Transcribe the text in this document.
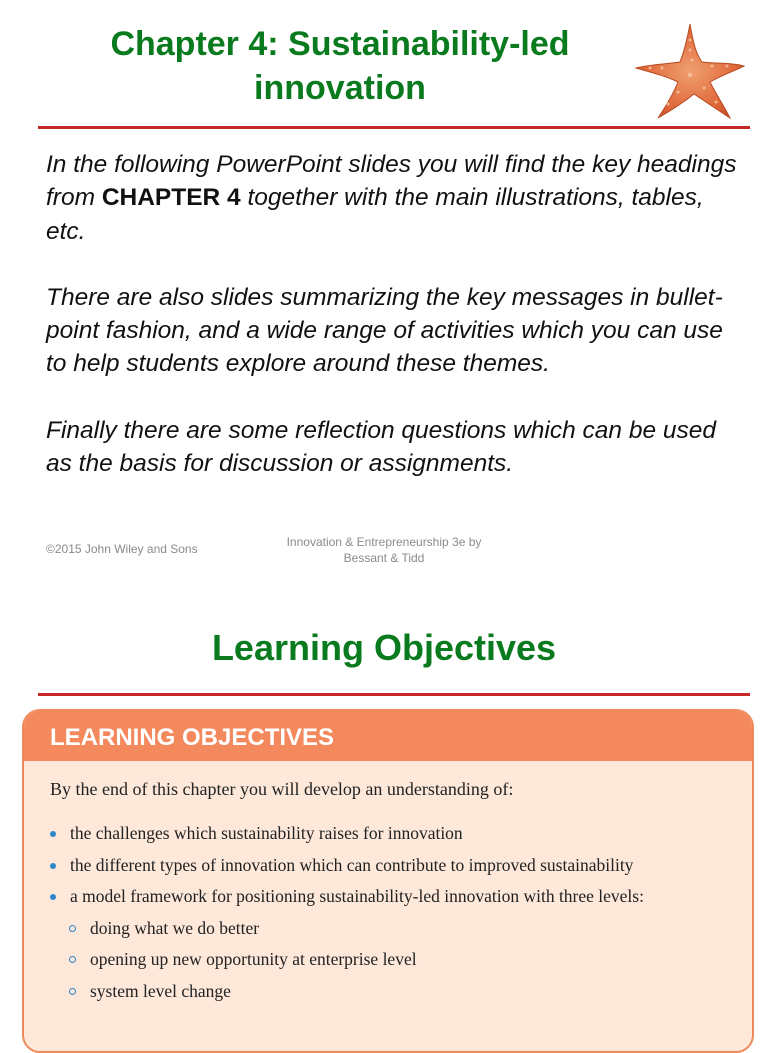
Chapter 4: Sustainability-led innovation

In the following PowerPoint slides you will find the key headings from CHAPTER 4 together with the main illustrations, tables, etc.

There are also slides summarizing the key messages in bullet-point fashion, and a wide range of activities which you can use to help students explore around these themes.

Finally there are some reflection questions which can be used as the basis for discussion or assignments.

©2015 John Wiley and Sons	Innovation & Entrepreneurship 3e by
Bessant & Tidd
Learning Objectives
LEARNING OBJECTIVES
By the end of this chapter you will develop an understanding of:
the challenges which sustainability raises for innovation
the different types of innovation which can contribute to improved sustainability
a model framework for positioning sustainability-led innovation with three levels:
doing what we do better
opening up new opportunity at enterprise level
system level change
